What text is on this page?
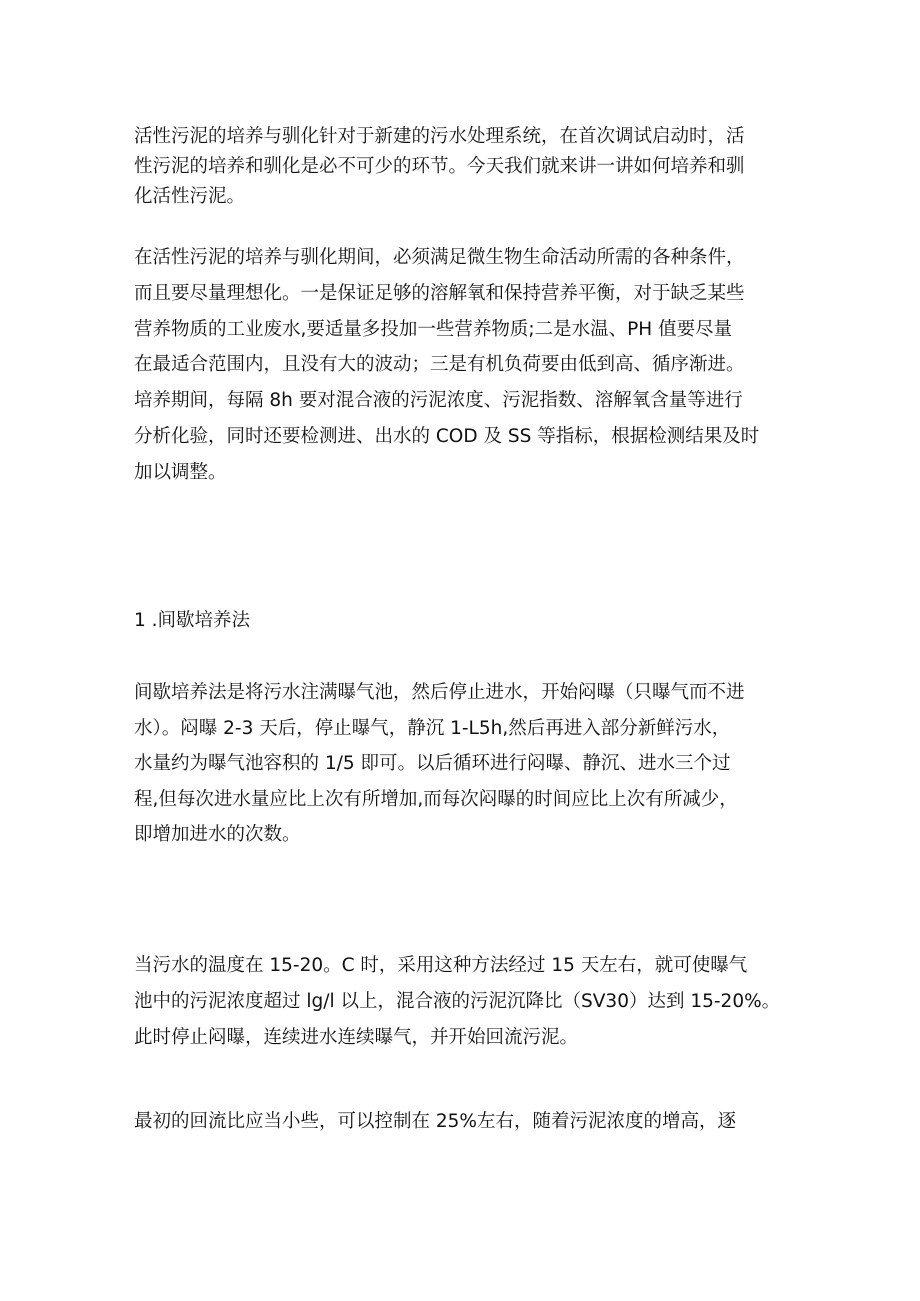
活性污泥的培养与驯化针对于新建的污水处理系统，在首次调试启动时，活
性污泥的培养和驯化是必不可少的环节。今天我们就来讲一讲如何培养和驯
化活性污泥。

在活性污泥的培养与驯化期间，必须满足微生物生命活动所需的各种条件，
而且要尽量理想化。一是保证足够的溶解氧和保持营养平衡，对于缺乏某些
营养物质的工业废水,要适量多投加一些营养物质;二是水温、PH 值要尽量
在最适合范围内，且没有大的波动；三是有机负荷要由低到高、循序渐进。
培养期间，每隔 8h 要对混合液的污泥浓度、污泥指数、溶解氧含量等进行
分析化验，同时还要检测进、出水的 COD 及 SS 等指标，根据检测结果及时
加以调整。

1 .间歇培养法

间歇培养法是将污水注满曝气池，然后停止进水，开始闷曝（只曝气而不进
水）。闷曝 2-3 天后，停止曝气，静沉 1-L5h,然后再进入部分新鲜污水，
水量约为曝气池容积的 1/5 即可。以后循环进行闷曝、静沉、进水三个过
程,但每次进水量应比上次有所增加,而每次闷曝的时间应比上次有所减少，
即增加进水的次数。

当污水的温度在 15-20。C 时，采用这种方法经过 15 天左右，就可使曝气
池中的污泥浓度超过 lg∕l 以上，混合液的污泥沉降比（SV30）达到 15-20%。
此时停止闷曝，连续进水连续曝气，并开始回流污泥。

最初的回流比应当小些，可以控制在 25%左右，随着污泥浓度的增高，逐
